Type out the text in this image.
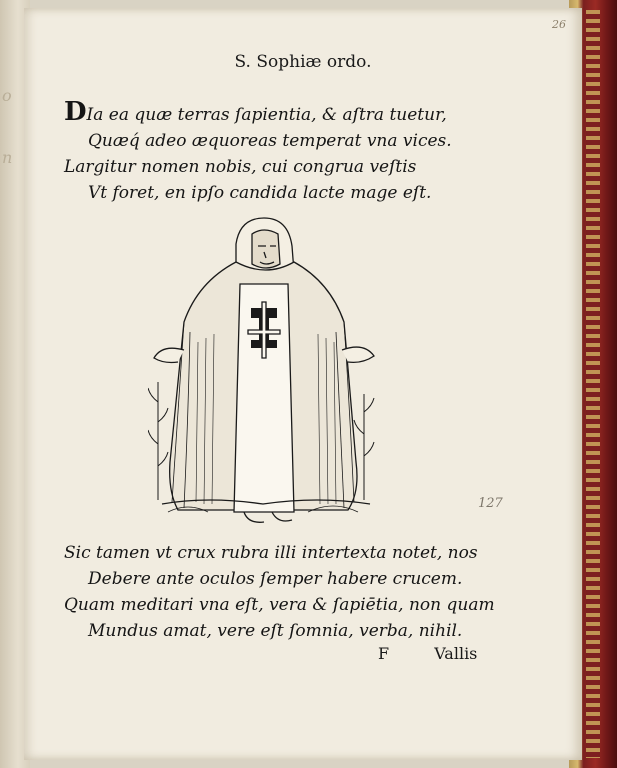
o
n
26
S. Sophiæ ordo.
DIa ea quæ terras ſapientia, & aſtra tuetur,
Quæq́ adeo æquoreas temperat vna vices.
Largitur nomen nobis, cui congrua veſtis
Vt foret, en ipſo candida lacte mage eſt.
127
Sic tamen vt crux rubra illi intertexta notet, nos
Debere ante oculos ſemper habere crucem.
Quam meditari vna eſt, vera & ſapiētia, non quam
Mundus amat, vere eſt ſomnia, verba, nihil.
F	Vallis
